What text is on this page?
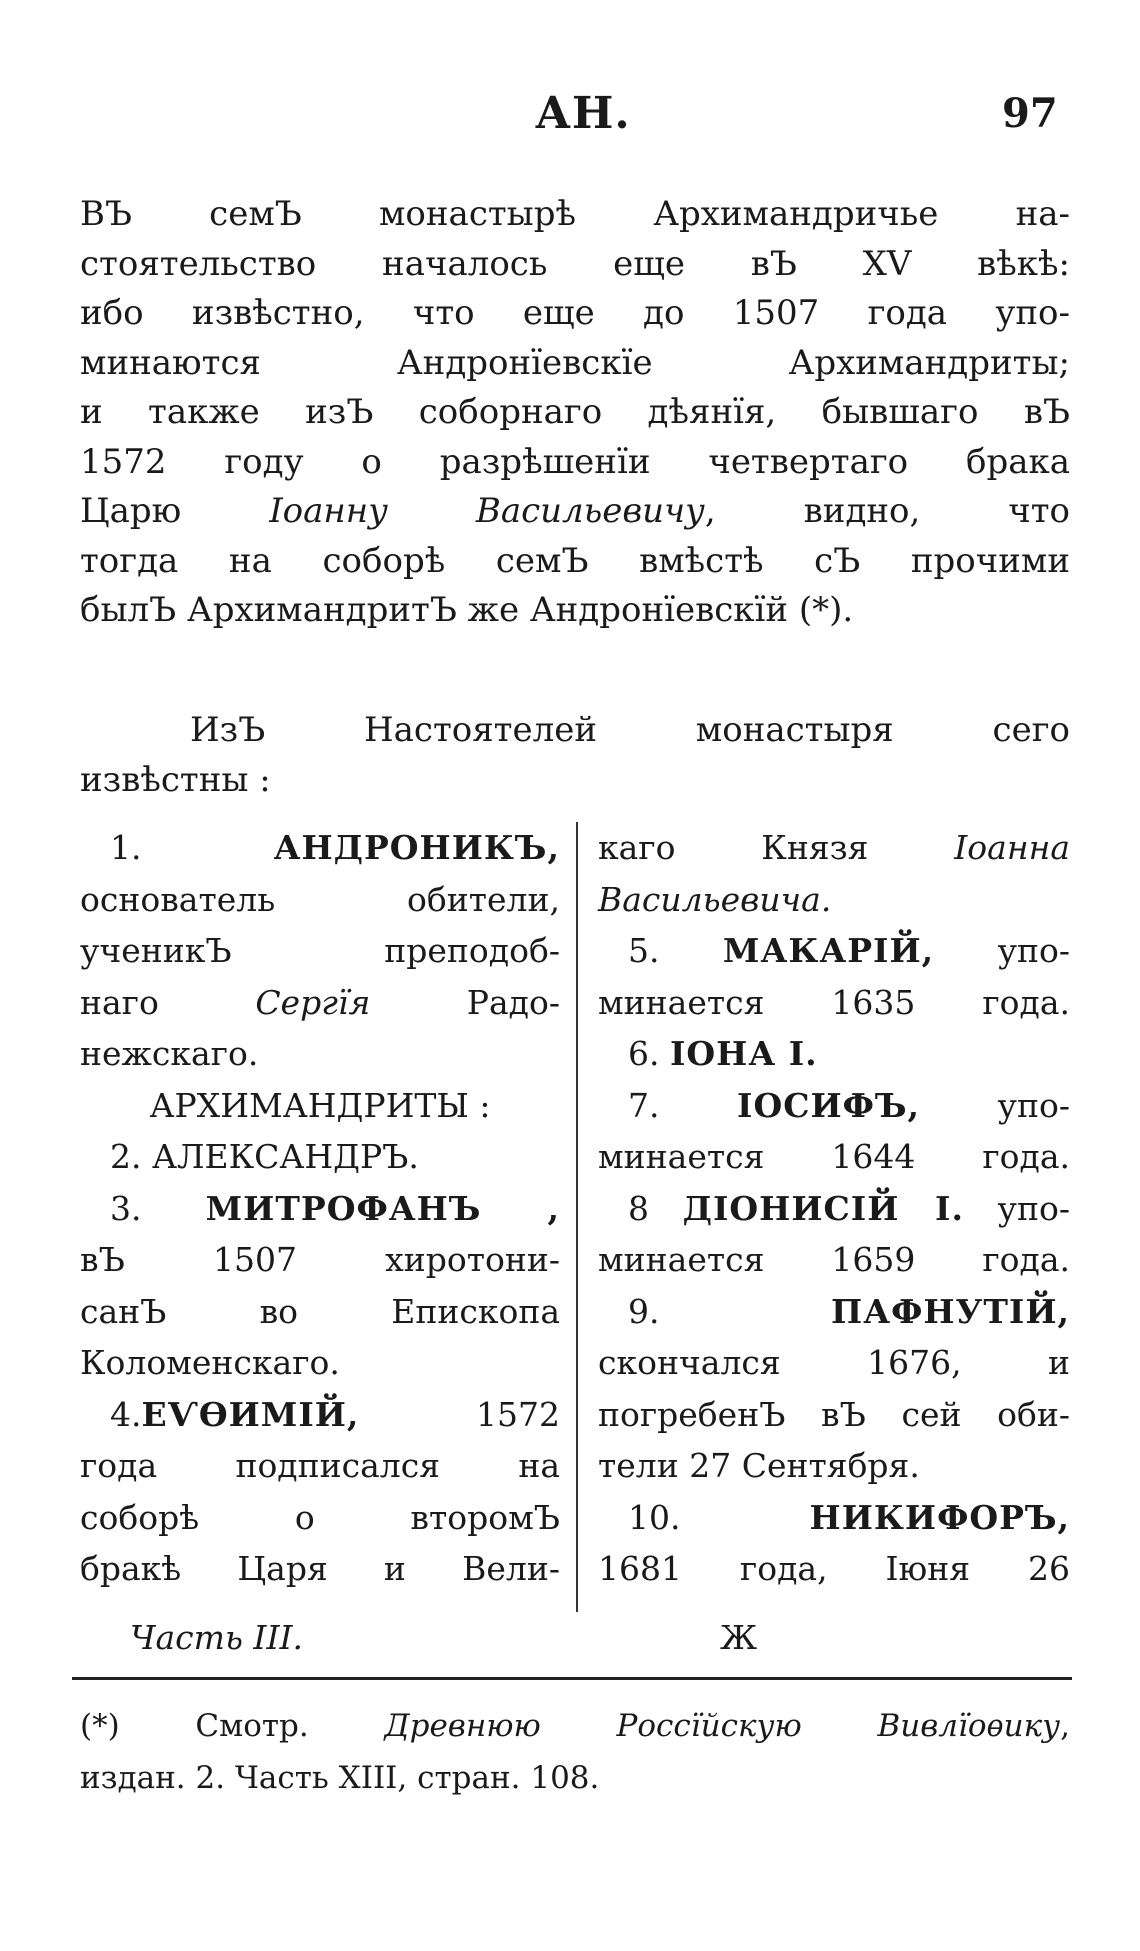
АН.	97

ВЪ семЪ монастырѣ Архимандричье на-

стоятельство началось еще вЪ XV вѣкѣ:

ибо извѣстно, что еще до 1507 года упо-

минаются Андронїевскїе Архимандриты;

и также изЪ соборнаго дѣянїя, бывшаго вЪ

1572 году о разрѣшенїи четвертаго брака

Царю Іоанну Васильевичу, видно, что

тогда на соборѣ семЪ вмѣстѣ сЪ прочими

былЪ АрхимандритЪ же Андронїевскїй (*).

ИзЪ Настоятелей монастыря сего

извѣстны :

1.	АНДРОНИКЪ,

основатель обители,

ученикЪ преподоб-

наго Сергїя Радо-

нежскаго.

АРХИМАНДРИТЫ :

2. АЛЕКСАНДРЪ.

3. МИТРОФАНЪ ,

вЪ 1507 хиротони-

санЪ во Епископа

Коломенскаго.

4.ЕѴѲИМІЙ,	1572

года подписался на

соборѣ о второмЪ

бракѣ Царя и Вели-

каго Князя Іоанна

Васильевича.

5. МАКАРІЙ, упо-

минается 1635 года.

6. ІОНА І.

7. ІОСИФЪ, упо-

минается 1644 года.

8 ДІОНИСІЙ І. упо-

минается 1659 года.

9.	ПАФНУТІЙ,

скончался 1676, и

погребенЪ вЪ сей оби-

тели 27 Сентября.

10.	НИКИФОРЪ,

1681 года, Іюня 26

Часть III.	Ж

(*) Смотр. Древнюю Россїйскую Вивлїоѳику,

издан. 2. Часть XIII, стран. 108.
